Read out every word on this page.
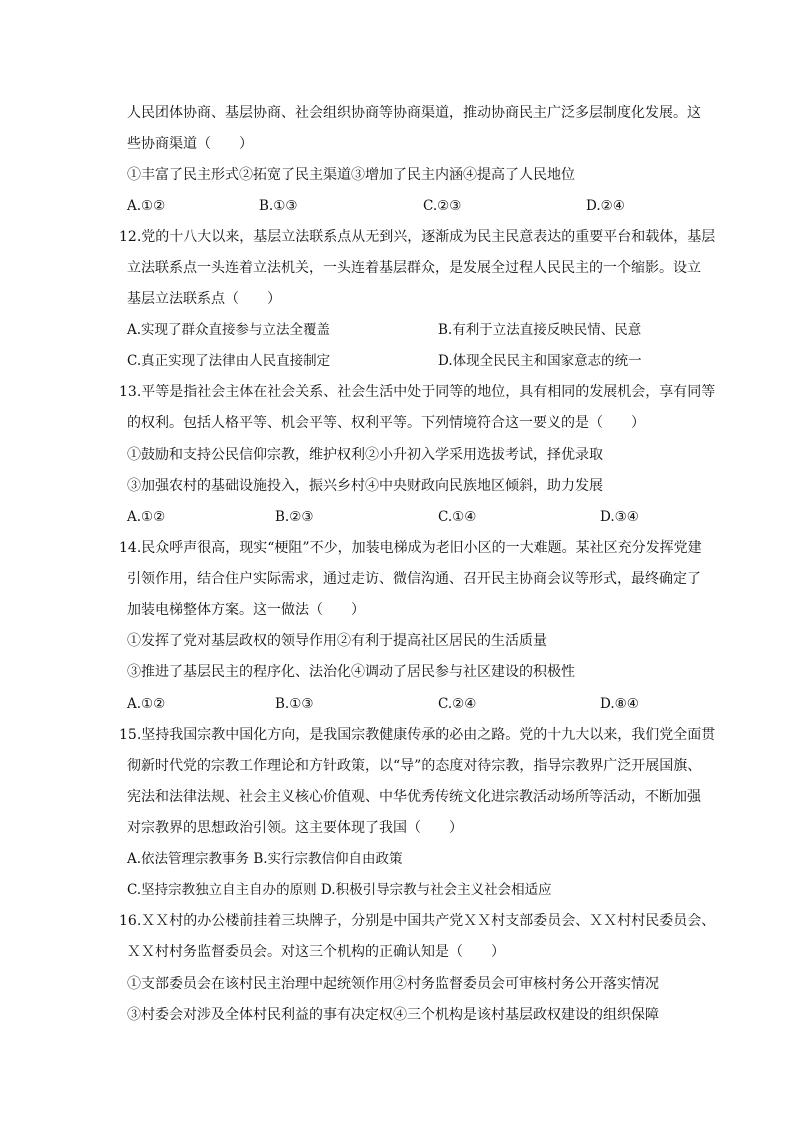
人民团体协商、基层协商、社会组织协商等协商渠道，推动协商民主广泛多层制度化发展。这
些协商渠道（　　）
①丰富了民主形式②拓宽了民主渠道③增加了民主内涵④提高了人民地位
A.①②	B.①③	C.②③	D.②④
12.党的十八大以来，基层立法联系点从无到兴，逐渐成为民主民意表达的重要平台和载体，基层
立法联系点一头连着立法机关，一头连着基层群众，是发展全过程人民民主的一个缩影。设立
基层立法联系点（　　）
A.实现了群众直接参与立法全覆盖	B.有利于立法直接反映民情、民意
C.真正实现了法律由人民直接制定	D.体现全民民主和国家意志的统一
13.平等是指社会主体在社会关系、社会生活中处于同等的地位，具有相同的发展机会，享有同等
的权利。包括人格平等、机会平等、权利平等。下列情境符合这一要义的是（　　）
①鼓励和支持公民信仰宗教，维护权利②小升初入学采用选拔考试，择优录取
③加强农村的基础设施投入，振兴乡村④中央财政向民族地区倾斜，助力发展
A.①②	B.②③	C.①④	D.③④
14.民众呼声很高，现实“梗阻”不少，加装电梯成为老旧小区的一大难题。某社区充分发挥党建
引领作用，结合住户实际需求，通过走访、微信沟通、召开民主协商会议等形式，最终确定了
加装电梯整体方案。这一做法（　　）
①发挥了党对基层政权的领导作用②有利于提高社区居民的生活质量
③推进了基层民主的程序化、法治化④调动了居民参与社区建设的积极性
A.①②	B.①③	C.②④	D.⑧④
15.坚持我国宗教中国化方向，是我国宗教健康传承的必由之路。党的十九大以来，我们党全面贯
彻新时代党的宗教工作理论和方针政策，以“导”的态度对待宗教，指导宗教界广泛开展国旗、
宪法和法律法规、社会主义核心价值观、中华优秀传统文化进宗教活动场所等活动，不断加强
对宗教界的思想政治引领。这主要体现了我国（　　）
A.依法管理宗教事务 B.实行宗教信仰自由政策
C.坚持宗教独立自主自办的原则 D.积极引导宗教与社会主义社会相适应
16.ＸＸ村的办公楼前挂着三块牌子，分别是中国共产党ＸＸ村支部委员会、ＸＸ村村民委员会、
ＸＸ村村务监督委员会。对这三个机构的正确认知是（　　）
①支部委员会在该村民主治理中起统领作用②村务监督委员会可审核村务公开落实情况
③村委会对涉及全体村民利益的事有决定权④三个机构是该村基层政权建设的组织保障
